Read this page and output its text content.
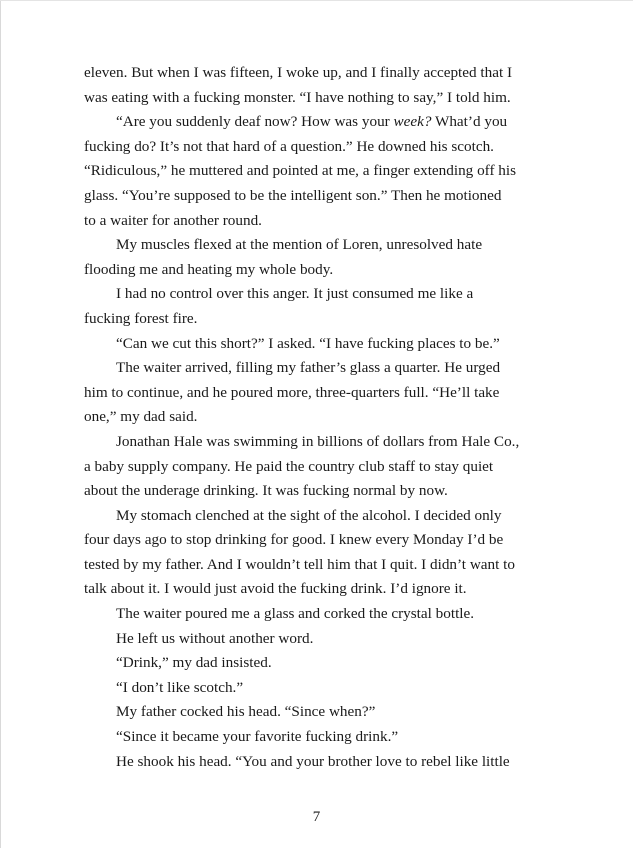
eleven. But when I was fifteen, I woke up, and I finally accepted that I
was eating with a fucking monster. “I have nothing to say,” I told him.

“Are you suddenly deaf now? How was your week? What’d you
fucking do? It’s not that hard of a question.” He downed his scotch.
“Ridiculous,” he muttered and pointed at me, a finger extending off his
glass. “You’re supposed to be the intelligent son.” Then he motioned
to a waiter for another round.

My muscles flexed at the mention of Loren, unresolved hate
flooding me and heating my whole body.

I had no control over this anger. It just consumed me like a
fucking forest fire.

“Can we cut this short?” I asked. “I have fucking places to be.”

The waiter arrived, filling my father’s glass a quarter. He urged
him to continue, and he poured more, three-quarters full. “He’ll take
one,” my dad said.

Jonathan Hale was swimming in billions of dollars from Hale Co.,
a baby supply company. He paid the country club staff to stay quiet
about the underage drinking. It was fucking normal by now.

My stomach clenched at the sight of the alcohol. I decided only
four days ago to stop drinking for good. I knew every Monday I’d be
tested by my father. And I wouldn’t tell him that I quit. I didn’t want to
talk about it. I would just avoid the fucking drink. I’d ignore it.

The waiter poured me a glass and corked the crystal bottle.

He left us without another word.

“Drink,” my dad insisted.

“I don’t like scotch.”

My father cocked his head. “Since when?”

“Since it became your favorite fucking drink.”

He shook his head. “You and your brother love to rebel like little

7
